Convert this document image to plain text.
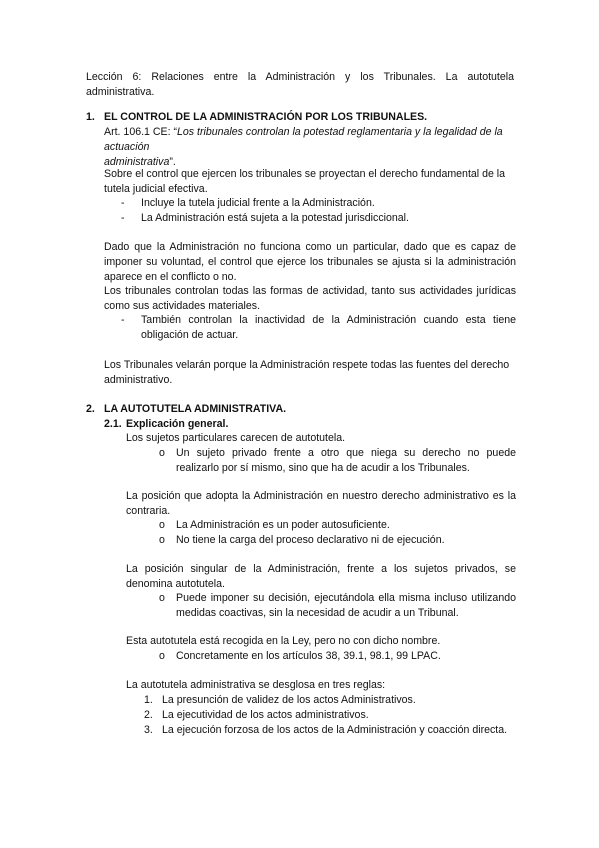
Lección 6: Relaciones entre la Administración y los Tribunales. La autotutela administrativa.

1. EL CONTROL DE LA ADMINISTRACIÓN POR LOS TRIBUNALES.

Art. 106.1 CE: “Los tribunales controlan la potestad reglamentaria y la legalidad de la actuación
administrativa”.

Sobre el control que ejercen los tribunales se proyectan el derecho fundamental de la tutela judicial efectiva.

- Incluye la tutela judicial frente a la Administración.
- La Administración está sujeta a la potestad jurisdiccional.

Dado que la Administración no funciona como un particular, dado que es capaz de imponer su voluntad, el control que ejerce los tribunales se ajusta si la administración aparece en el conflicto o no.

Los tribunales controlan todas las formas de actividad, tanto sus actividades jurídicas como sus actividades materiales.

- También controlan la inactividad de la Administración cuando esta tiene obligación de actuar.

Los Tribunales velarán porque la Administración respete todas las fuentes del derecho administrativo.

2. LA AUTOTUTELA ADMINISTRATIVA.
2.1. Explicación general.
Los sujetos particulares carecen de autotutela.
o Un sujeto privado frente a otro que niega su derecho no puede realizarlo por sí mismo, sino que ha de acudir a los Tribunales.

La posición que adopta la Administración en nuestro derecho administrativo es la contraria.

o La Administración es un poder autosuficiente.
o No tiene la carga del proceso declarativo ni de ejecución.

La posición singular de la Administración, frente a los sujetos privados, se denomina autotutela.

o Puede imponer su decisión, ejecutándola ella misma incluso utilizando medidas coactivas, sin la necesidad de acudir a un Tribunal.

Esta autotutela está recogida en la Ley, pero no con dicho nombre.
o Concretamente en los artículos 38, 39.1, 98.1, 99 LPAC.
La autotutela administrativa se desglosa en tres reglas:
1. La presunción de validez de los actos Administrativos.
2. La ejecutividad de los actos administrativos.
3. La ejecución forzosa de los actos de la Administración y coacción directa.
